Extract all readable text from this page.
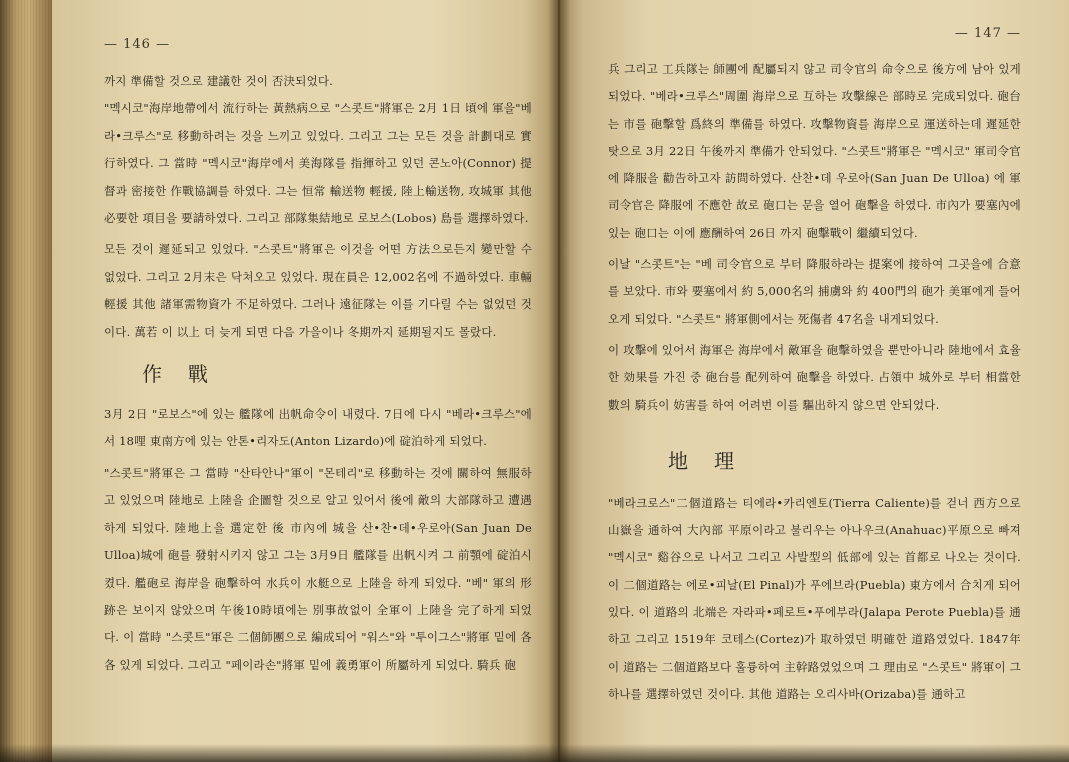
— 146 —

까지 準備할 것으로 建議한 것이 否決되었다.

"멕시코"海岸地帶에서 流行하는 黃熱病으로 "스콧트"將軍은 2月 1日 頃에 軍을"베라•크루스"로 移動하려는 것을 느끼고 있었다. 그리고 그는 모든 것을 計劃대로 實行하였다. 그 當時 "멕시코"海岸에서 美海隊를 指揮하고 있던 콘노아(Connor) 提督과 密接한 作戰協調를 하였다. 그는 恒常 輸送物 輕援, 陸上輸送物, 攻城軍 其他 必要한 項目을 要請하였다. 그리고 部隊集結地로 로보스(Lobos) 島를 選擇하였다.

모든 것이 遲延되고 있었다. "스콧트"將軍은 이것을 어떤 方法으로든지 變만할 수 없었다. 그리고 2月末은 닥쳐오고 있었다. 現在員은 12,002名에 不過하였다. 車輛 輕援 其他 諸軍需物資가 不足하였다. 그러나 遠征隊는 이를 기다릴 수는 없었던 것이다. 萬若 이 以上 더 늦게 되면 다음 가을이나 冬期까지 延期될지도 몰랐다.

作戰

3月 2日 "로보스"에 있는 艦隊에 出帆命令이 내렸다. 7日에 다시 "베라•크루스"에서 18哩 東南方에 있는 안톤•리자도(Anton Lizardo)에 碇泊하게 되었다.

"스콧트"將軍은 그 當時 "산타안나"軍이 "몬테리"로 移動하는 것에 關하여 無服하고 있었으며 陸地로 上陸을 企圖할 것으로 알고 있어서 後에 敵의 大部隊하고 遭遇하게 되었다. 陸地上을 選定한 後 市內에 城을 산•찬•데•우로아(San Juan De Ulloa)城에 砲를 發射시키지 않고 그는 3月9日 艦隊를 出帆시켜 그 前顎에 碇泊시켰다. 艦砲로 海岸을 砲擊하여 水兵이 水艇으로 上陸을 하게 되었다. "베" 軍의 形跡은 보이지 않았으며 午後10時頃에는 別事故없이 全軍이 上陸을 完了하게 되었다. 이 當時 "스콧트"軍은 二個師團으로 編成되어 "워스"와 "투이그스"將軍 밑에 各各 있게 되었다. 그리고 "페이라손"將軍 밑에 義勇軍이 所屬하게 되었다. 騎兵 砲

— 147 —

兵 그리고 工兵隊는 師團에 配屬되지 않고 司令官의 命令으로 後方에 남아 있게 되었다. "베라•크루스"周圍 海岸으로 互하는 攻擊線은 部時로 完成되었다. 砲台는 市를 砲擊할 爲終의 準備를 하였다. 攻擊物資를 海岸으로 運送하는데 遲延한 탓으로 3月 22日 午後까지 準備가 안되었다. "스콧트"將軍은 "멕시코" 軍司令官에 降服을 勸告하고자 訪問하였다. 산찬•데 우로아(San Juan De Ulloa) 에 軍司令官은 降服에 不應한 故로 砲口는 문을 열어 砲擊을 하였다. 市內가 要塞內에 있는 砲口는 이에 應酬하여 26日 까지 砲擊戰이 繼續되었다.

이날 "스콧트"는 "베 司令官으로 부터 降服하라는 提案에 接하여 그곳을에 合意를 보았다. 市와 要塞에서 約 5,000名의 捕虜와 約 400門의 砲가 美軍에게 들어 오게 되었다. "스콧트" 將軍側에서는 死傷者 47名을 내게되었다.

이 攻擊에 있어서 海軍은 海岸에서 敵軍을 砲擊하였을 뿐만아니라 陸地에서 효율한 効果를 가진 중 砲台를 配列하여 砲擊을 하였다. 占領中 城外로 부터 相當한 數의 騎兵이 妨害를 하여 어려번 이를 驅出하지 않으면 안되었다.

地理

"베라크로스"二個道路는 티에라•카리엔토(Tierra Caliente)를 걷너 西方으로 山嶽을 通하여 大內部 平原이라고 불리우는 아나우크(Anahuac)平原으로 빠져 "멕시코" 谿谷으로 나서고 그리고 사발型의 低部에 있는 首都로 나오는 것이다. 이 二個道路는 에로•피날(El Pinal)가 푸에브라(Puebla) 東方에서 合치게 되어 있다. 이 道路의 北端은 자라파•페로트•푸에부라(Jalapa Perote Puebla)를 通하고 그리고 1519年 코테스(Cortez)가 取하였던 明確한 道路였었다. 1847年 이 道路는 二個道路보다 훌륭하여 主幹路였었으며 그 理由로 "스콧트" 將軍이 그하나를 選擇하였던 것이다. 其他 道路는 오리사바(Orizaba)를 通하고
